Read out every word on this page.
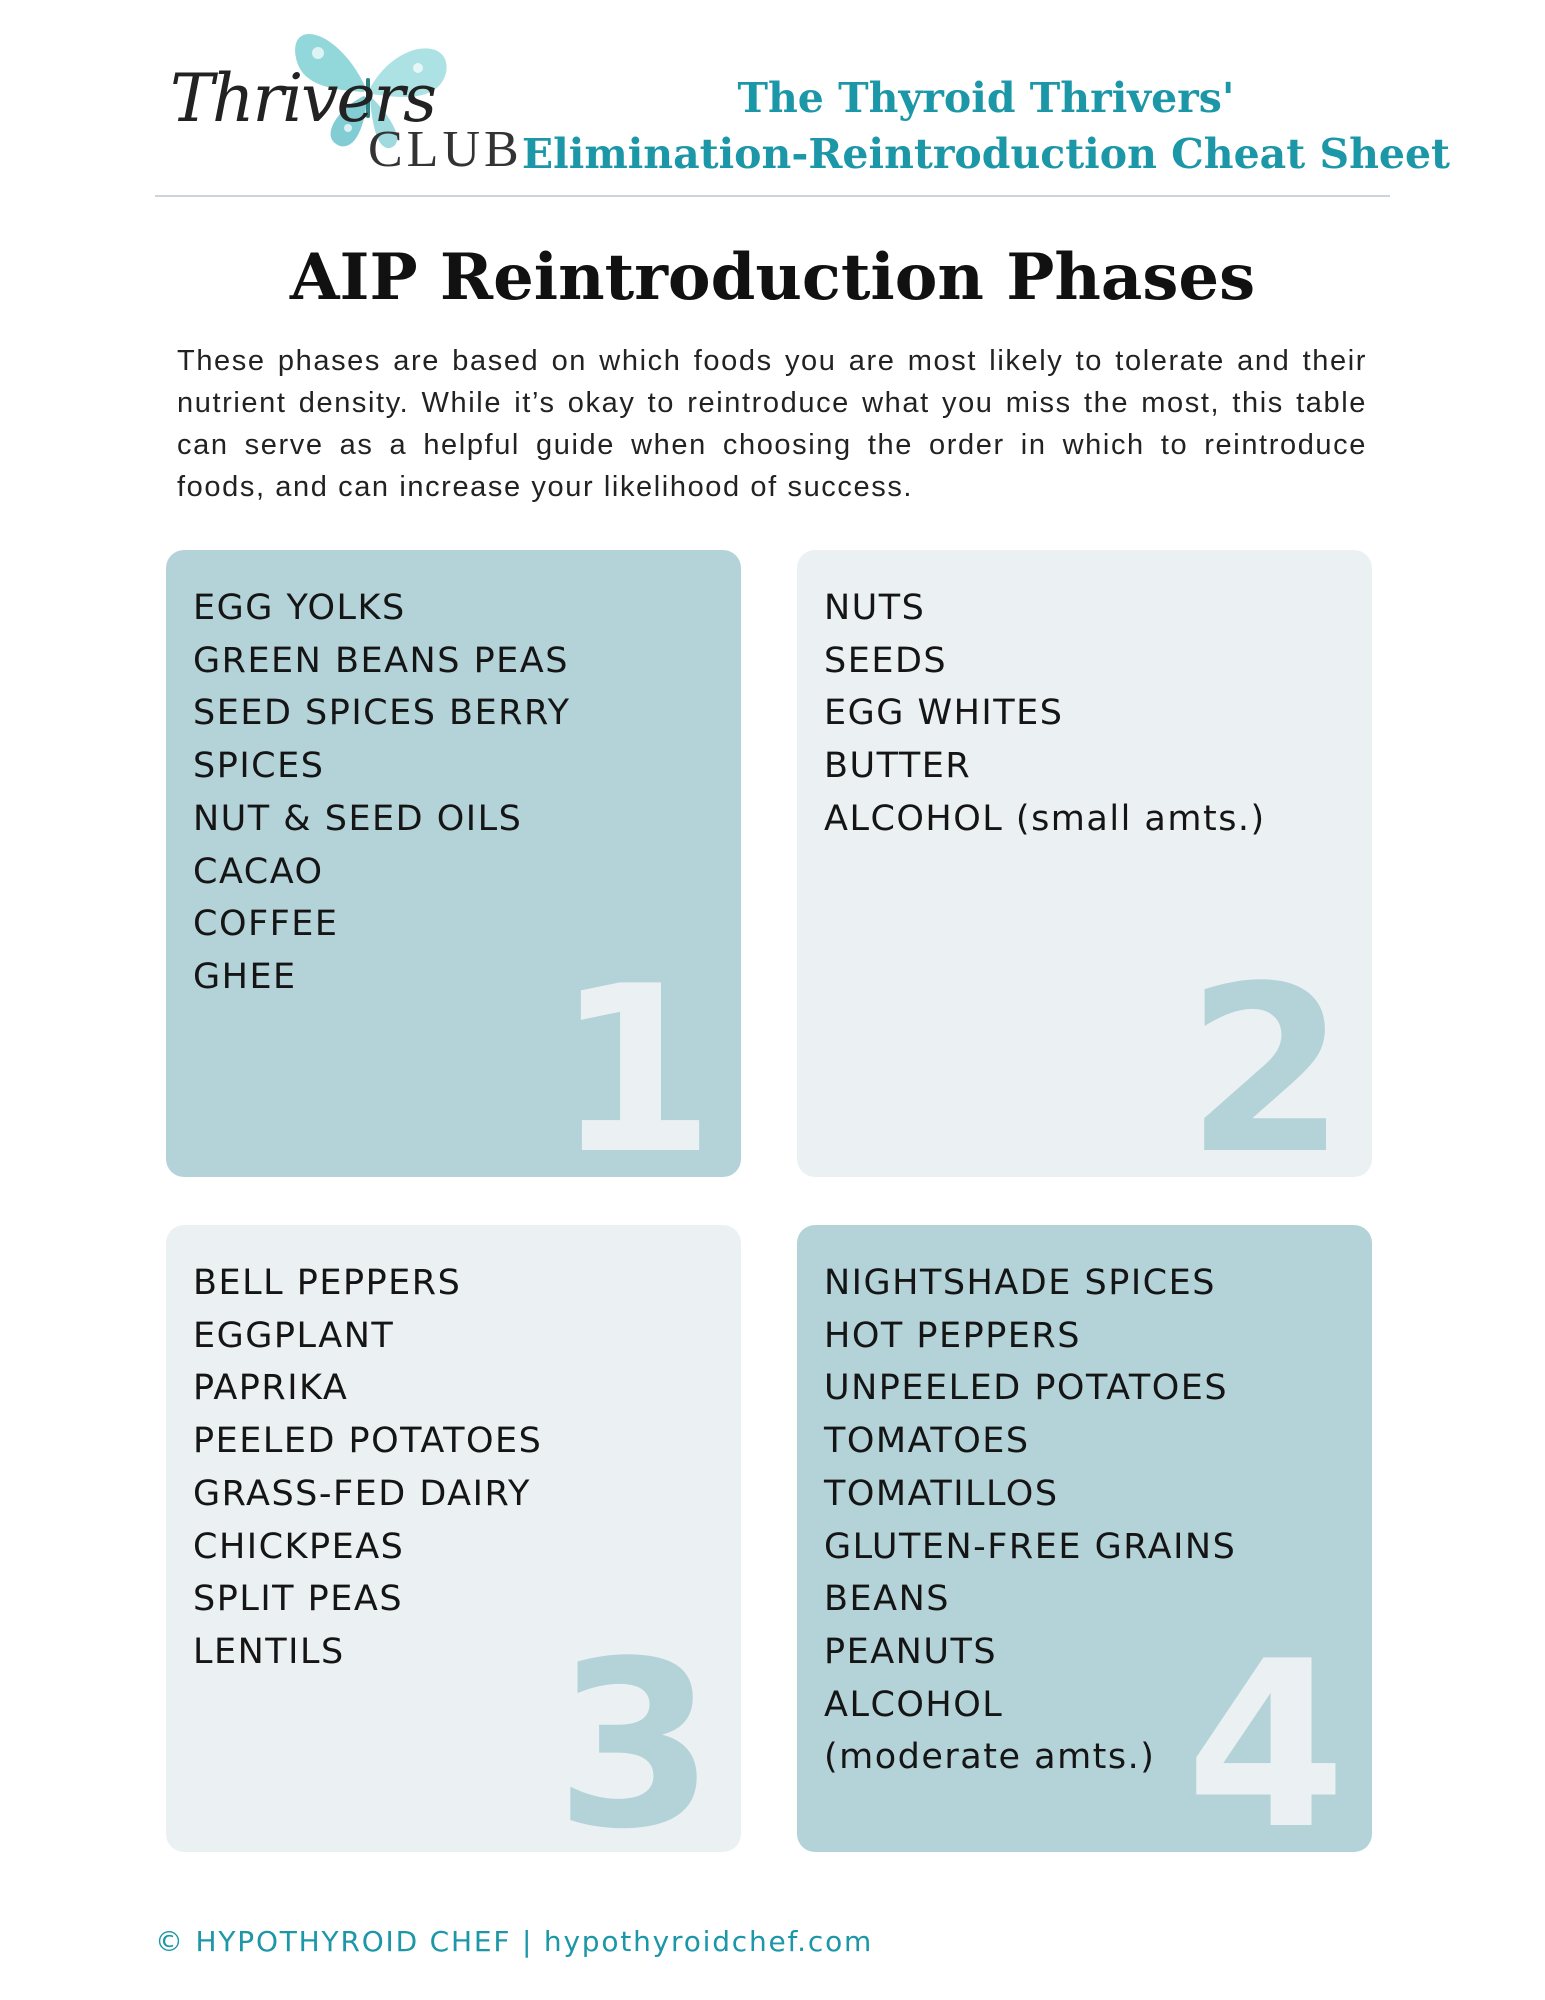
Thrivers
CLUB
The Thyroid Thrivers'
Elimination-Reintroduction Cheat Sheet
AIP Reintroduction Phases

These phases are based on which foods you are most likely to tolerate and their nutrient density. While it’s okay to reintroduce what you miss the most, this table can serve as a helpful guide when choosing the order in which to reintroduce foods, and can increase your likelihood of success.

EGG YOLKS
GREEN BEANS PEAS
SEED SPICES BERRY
SPICES
NUT & SEED OILS
CACAO
COFFEE
GHEE	1
NUTS
SEEDS
EGG WHITES
BUTTER
ALCOHOL (small amts.)
2
BELL PEPPERS
EGGPLANT
PAPRIKA
PEELED POTATOES
GRASS-FED DAIRY
CHICKPEAS
SPLIT PEAS
LENTILS 3
NIGHTSHADE SPICES
HOT PEPPERS
UNPEELED POTATOES
TOMATOES
TOMATILLOS
GLUTEN-FREE GRAINS
BEANS
PEANUTS
ALCOHOL
(moderate amts.) 4
© HYPOTHYROID CHEF | hypothyroidchef.com
